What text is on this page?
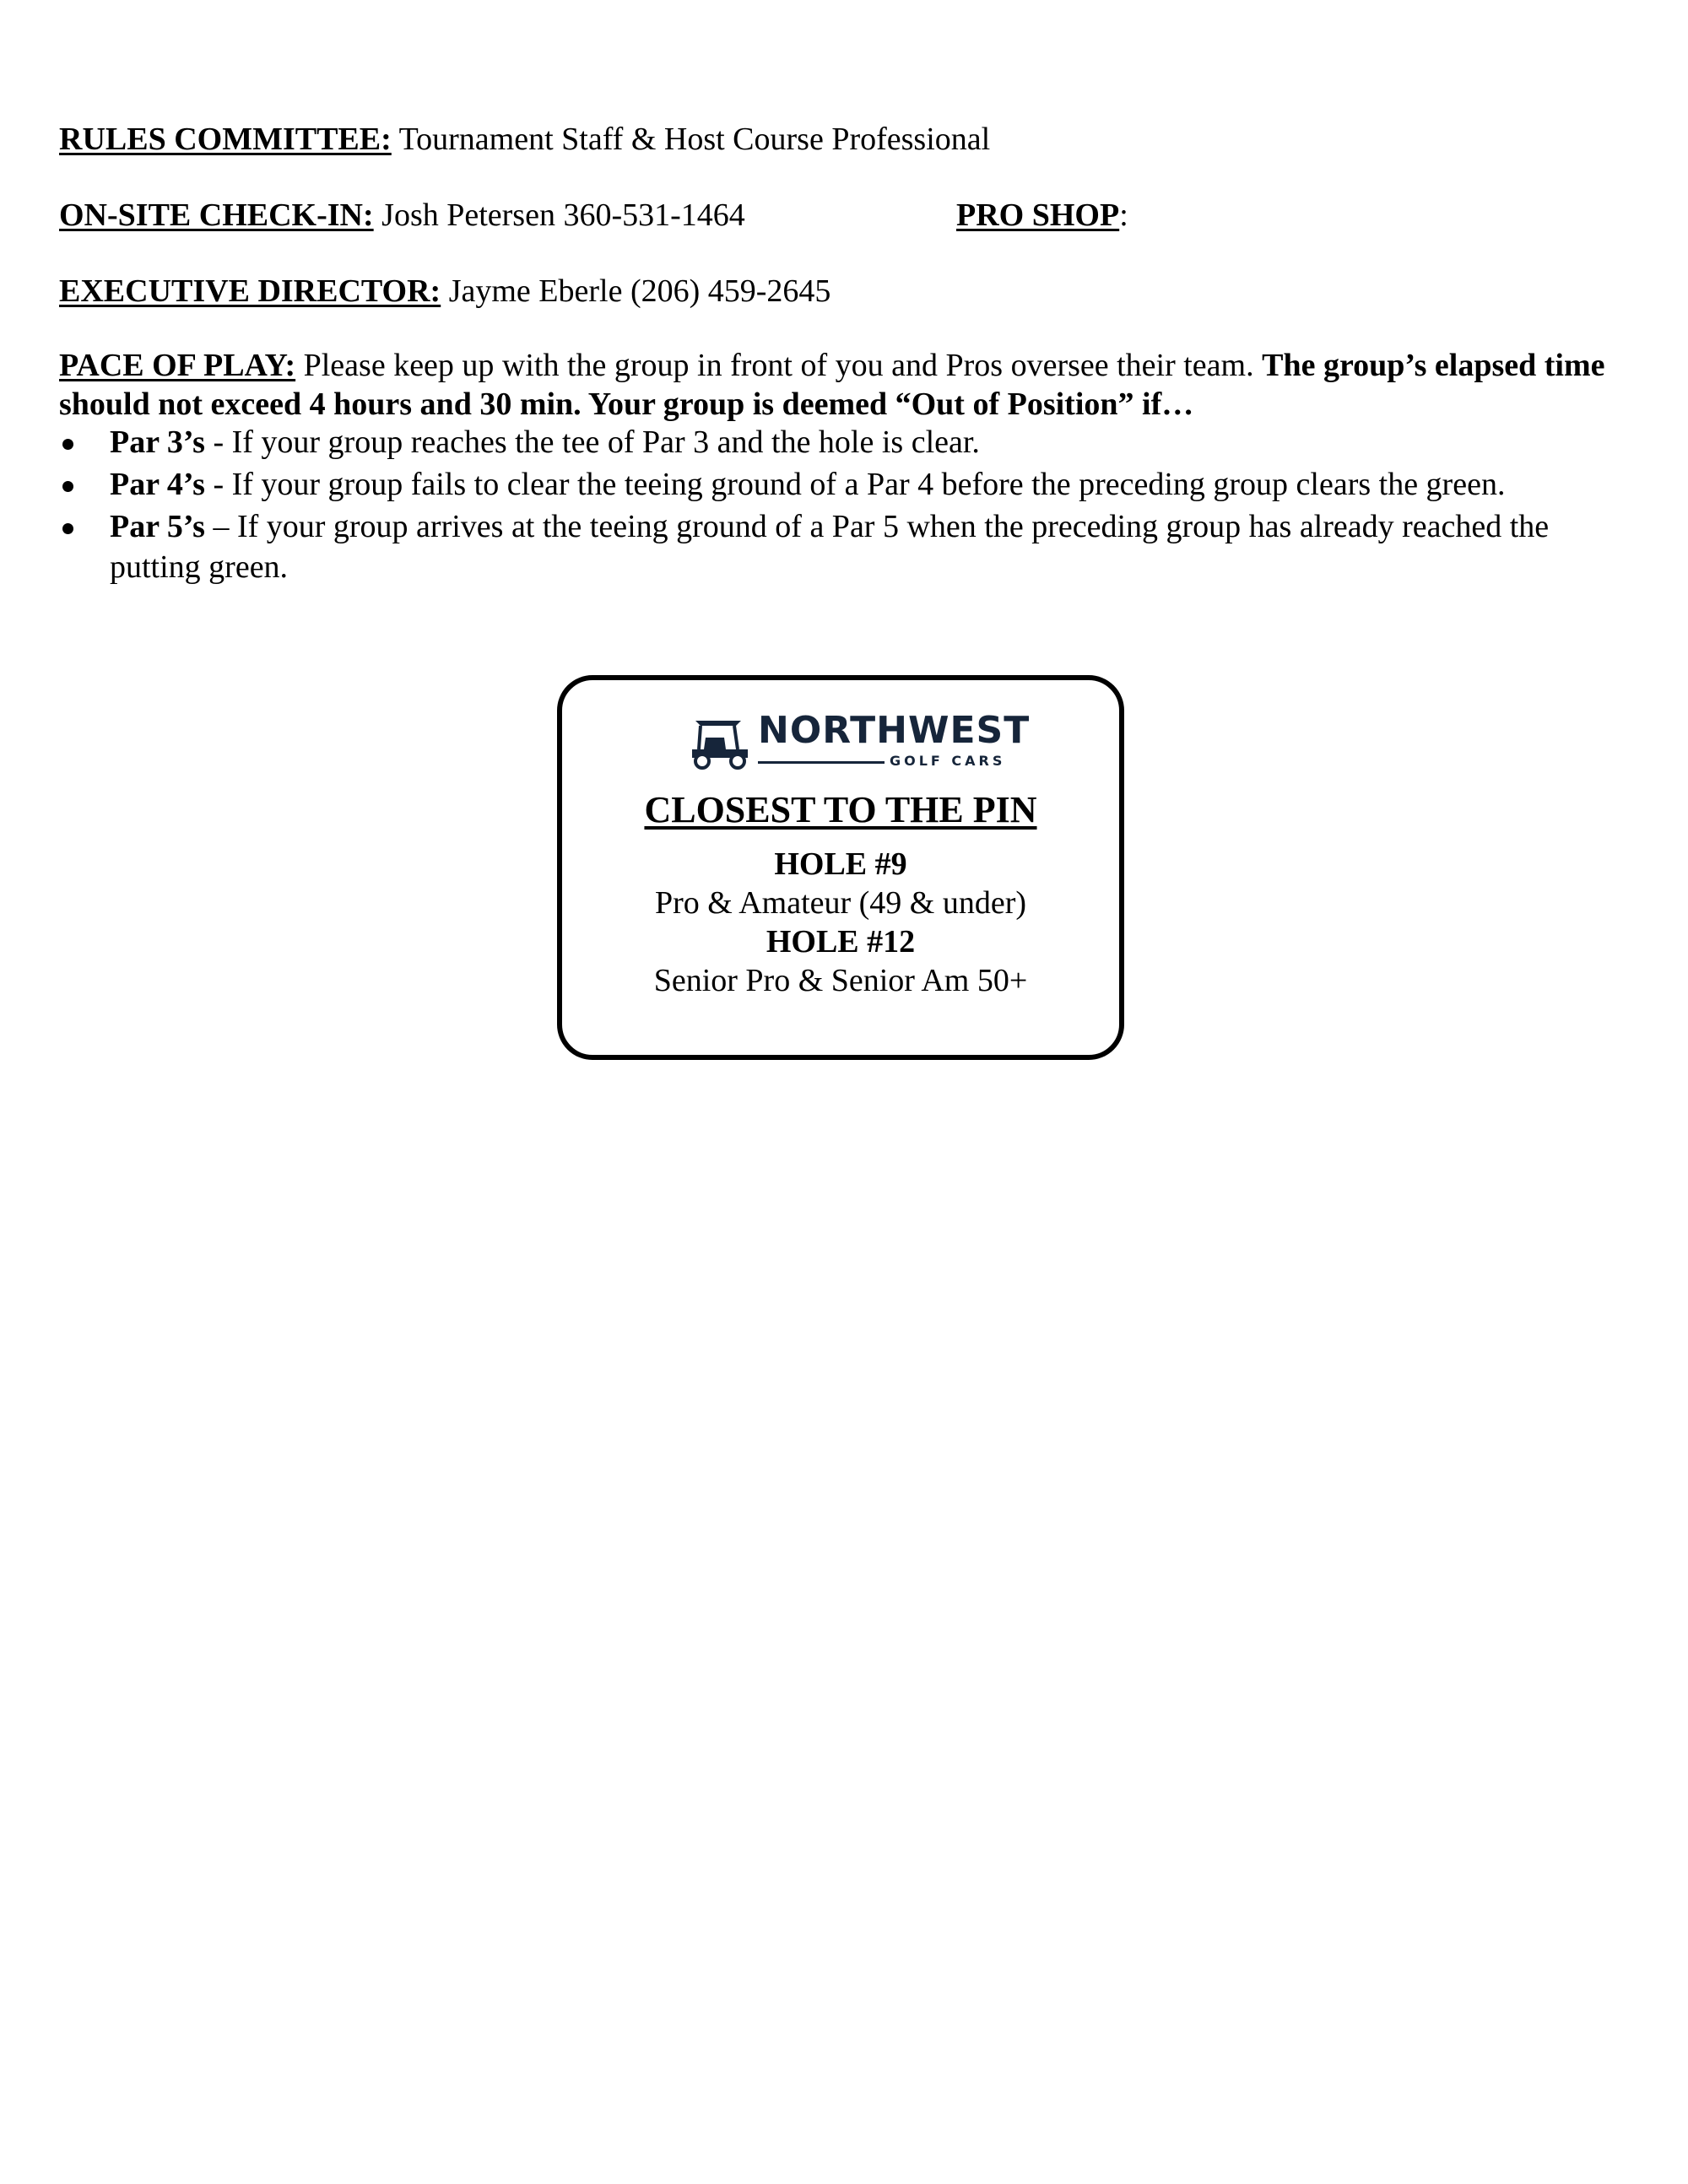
RULES COMMITTEE: Tournament Staff & Host Course Professional
ON-SITE CHECK-IN: Josh Petersen 360-531-1464	PRO SHOP:
EXECUTIVE DIRECTOR: Jayme Eberle (206) 459-2645
PACE OF PLAY: Please keep up with the group in front of you and Pros oversee their team. The group’s elapsed time should not exceed 4 hours and 30 min. Your group is deemed “Out of Position” if…
Par 3’s - If your group reaches the tee of Par 3 and the hole is clear.
Par 4’s - If your group fails to clear the teeing ground of a Par 4 before the preceding group clears the green.
Par 5’s – If your group arrives at the teeing ground of a Par 5 when the preceding group has already reached the putting green.
NORTHWEST
GOLF CARS
CLOSEST TO THE PIN
HOLE #9
Pro & Amateur (49 & under)
HOLE #12
Senior Pro & Senior Am 50+
